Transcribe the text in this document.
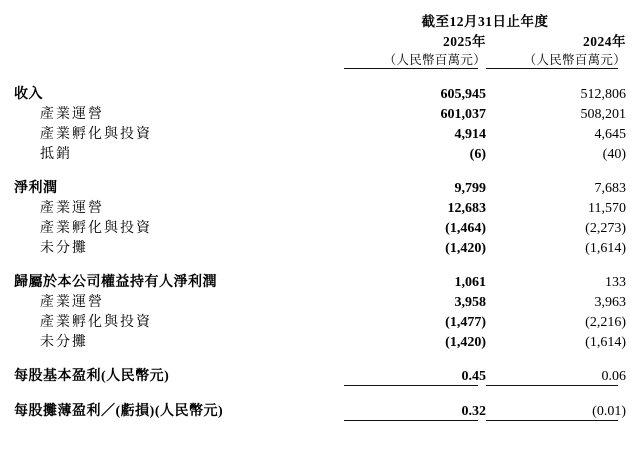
	截至12月31日止年度	
	2025年	2024年
	（人民幣百萬元）	（人民幣百萬元）

收入	605,945	512,806
產業運營	601,037	508,201
產業孵化與投資	4,914	4,645
抵銷	(6)	(40)

淨利潤	9,799	7,683
產業運營	12,683	11,570
產業孵化與投資	(1,464)	(2,273)
未分攤	(1,420)	(1,614)

歸屬於本公司權益持有人淨利潤	1,061	133
產業運營	3,958	3,963
產業孵化與投資	(1,477)	(2,216)
未分攤	(1,420)	(1,614)

每股基本盈利(人民幣元)	0.45	0.06

每股攤薄盈利／(虧損)(人民幣元)	0.32	(0.01)
